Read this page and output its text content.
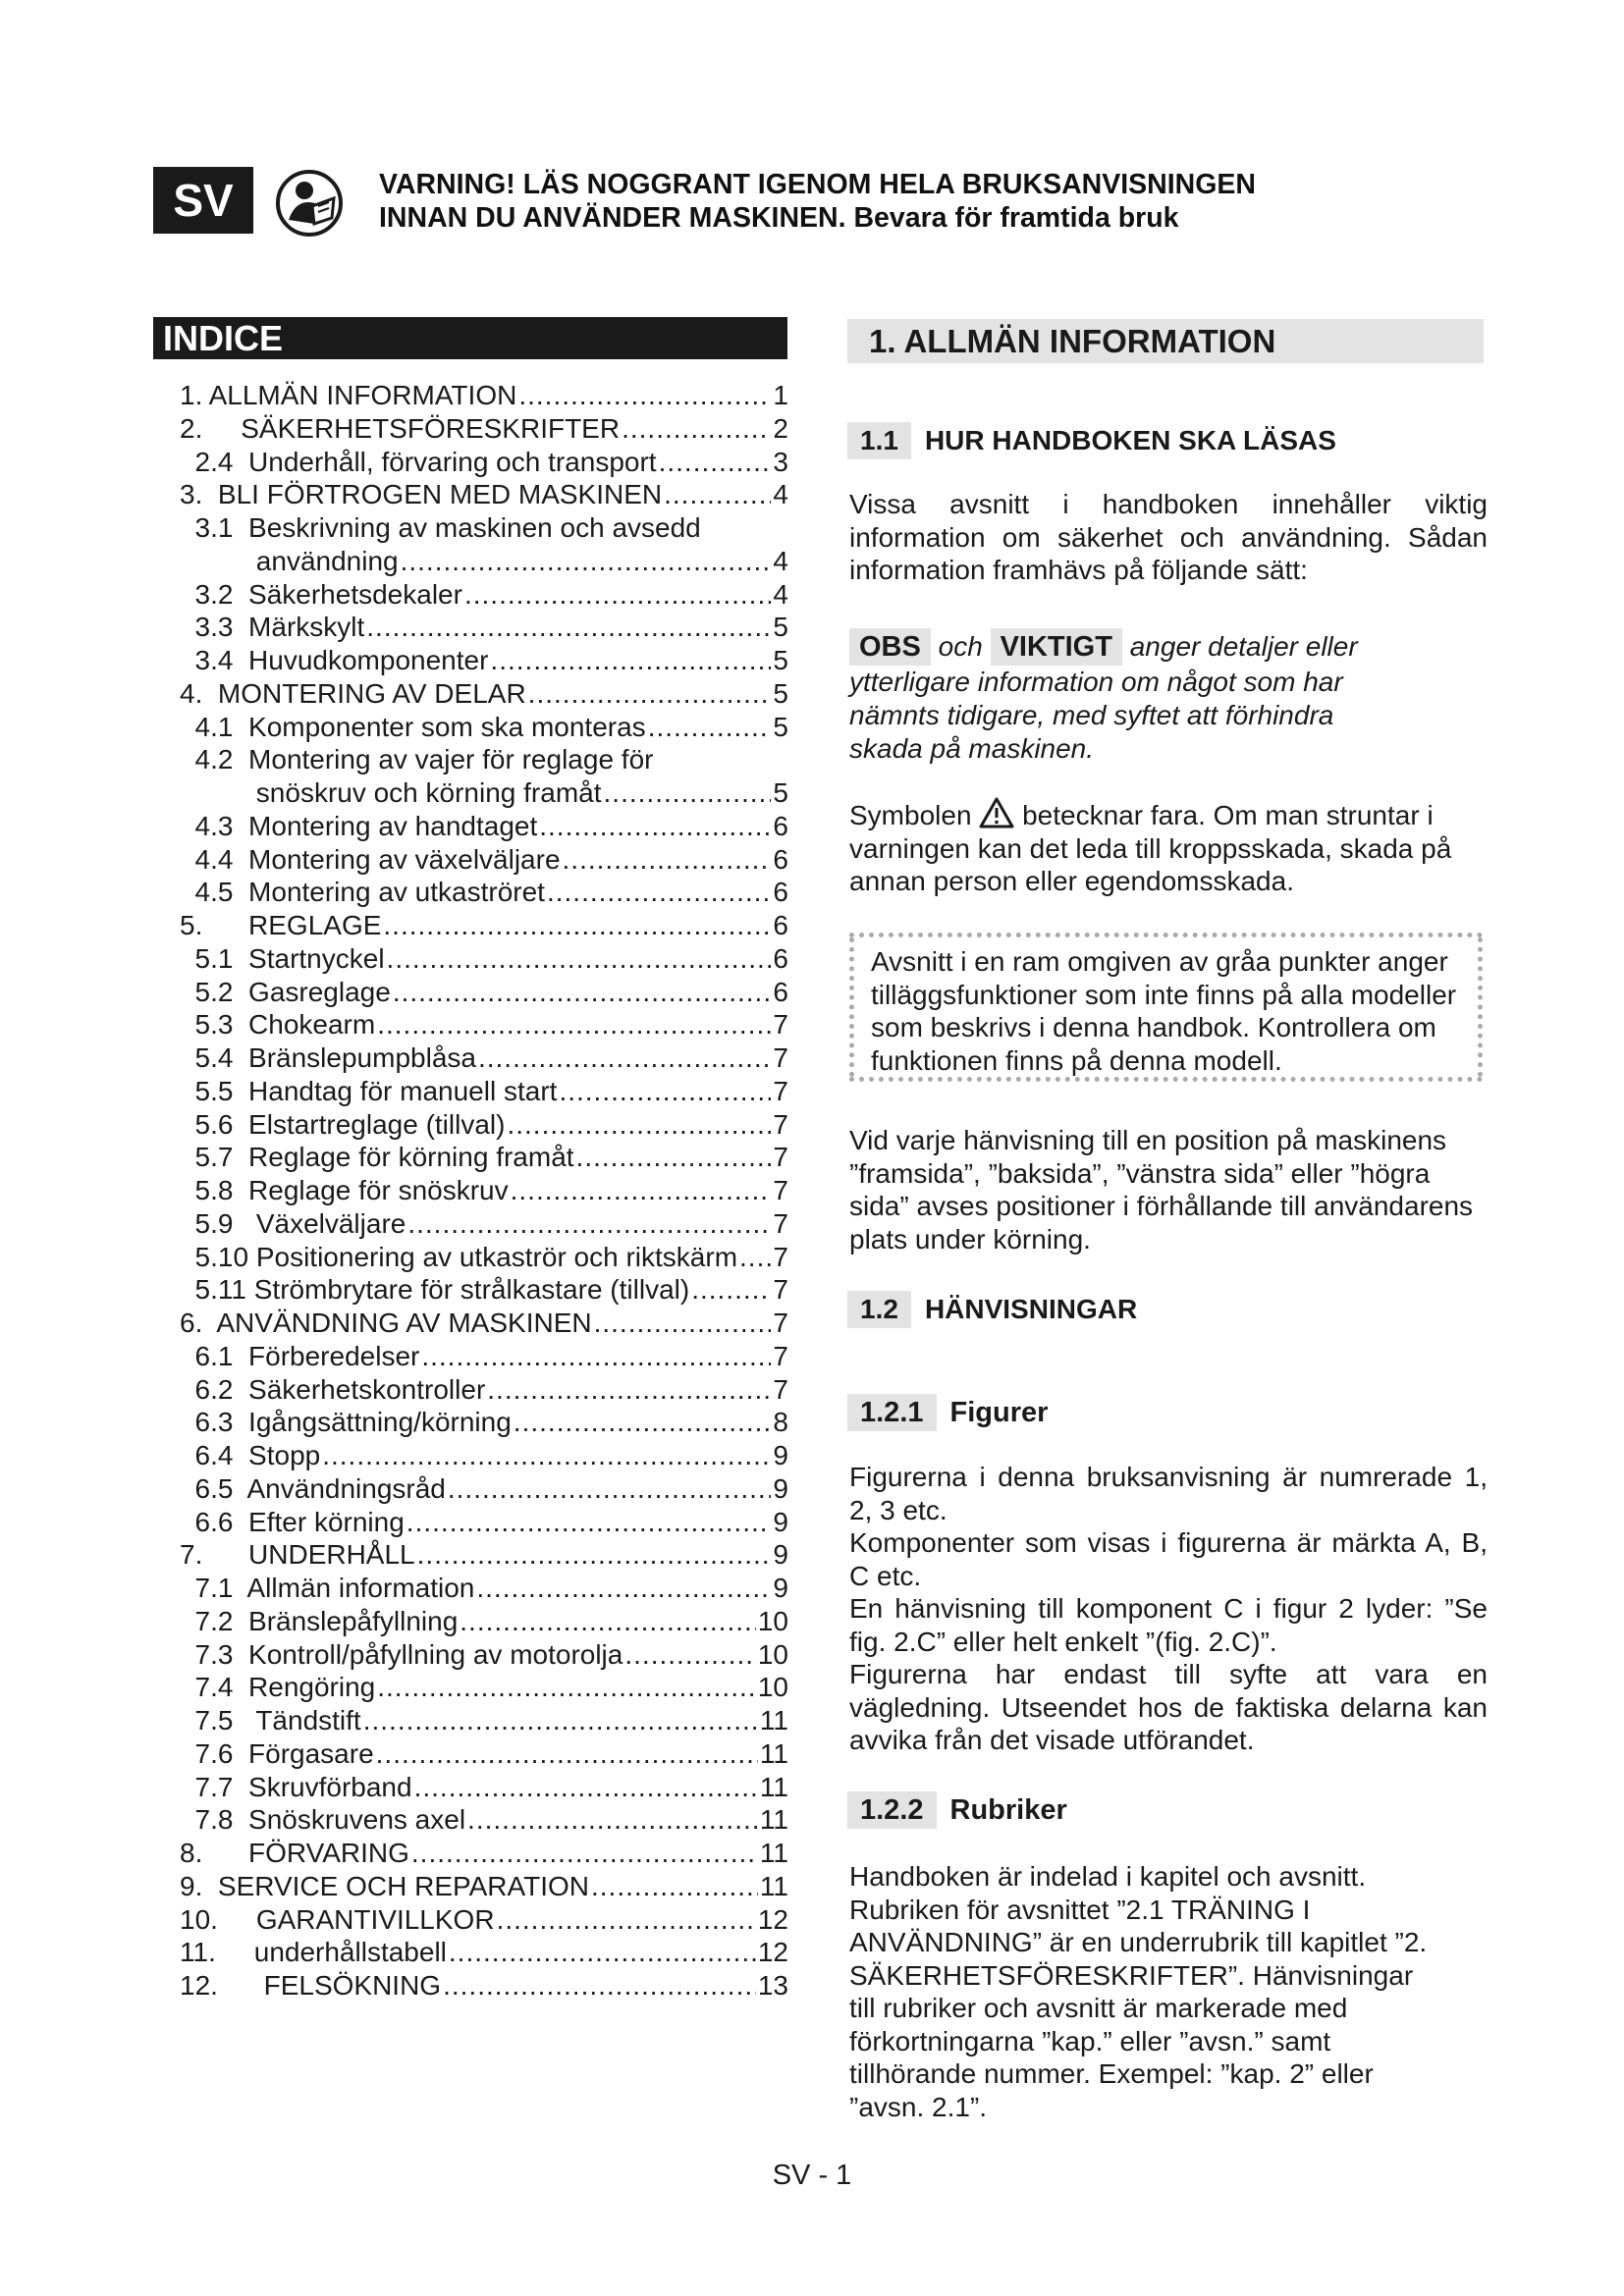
SV	VARNING! LÄS NOGGRANT IGENOM HELA BRUKSANVISNINGEN
INNAN DU ANVÄNDER MASKINEN. Bevara för framtida bruk
INDICE
1. ALLMÄN INFORMATION .....	1
2.     SÄKERHETSFÖRESKRIFTER .....	2
2.4  Underhåll, förvaring och transport .....	3
3.  BLI FÖRTROGEN MED MASKINEN .....	4
3.1  Beskrivning av maskinen och avsedd
användning .....	4
3.2  Säkerhetsdekaler .....	4
3.3  Märkskylt .....	5
3.4  Huvudkomponenter .....	5
4.  MONTERING AV DELAR .....	5
4.1  Komponenter som ska monteras .....	5
4.2  Montering av vajer för reglage för
snöskruv och körning framåt .....	5
4.3  Montering av handtaget .....	6
4.4  Montering av växelväljare .....	6
4.5  Montering av utkaströret .....	6
5.      REGLAGE .....	6
5.1  Startnyckel .....	6
5.2  Gasreglage .....	6
5.3  Chokearm .....	7
5.4  Bränslepumpblåsa .....	7
5.5  Handtag för manuell start .....	7
5.6  Elstartreglage (tillval) .....	7
5.7  Reglage för körning framåt .....	7
5.8  Reglage för snöskruv .....	7
5.9   Växelväljare .....	7
5.10 Positionering av utkaströr och riktskärm ..... 7
5.11 Strömbrytare för strålkastare (tillval) .....	7
6.  ANVÄNDNING AV MASKINEN .....	7
6.1  Förberedelser .....	7
6.2  Säkerhetskontroller .....	7
6.3  Igångsättning/körning .....	8
6.4  Stopp .....	9
6.5  Användningsråd .....	9
6.6  Efter körning .....	9
7.      UNDERHÅLL .....	9
7.1  Allmän information .....	9
7.2  Bränslepåfyllning .....	10
7.3  Kontroll/påfyllning av motorolja .....	10
7.4  Rengöring .....	10
7.5   Tändstift .....	11
7.6  Förgasare .....	11
7.7  Skruvförband .....	11
7.8  Snöskruvens axel .....	11
8.      FÖRVARING .....	11
9.  SERVICE OCH REPARATION .....	11
10.     GARANTIVILLKOR .....	12
11.     underhållstabell .....	12
12.      FELSÖKNING .....	13
1. ALLMÄN INFORMATION
1.1 HUR HANDBOKEN SKA LÄSAS
Vissa avsnitt i handboken innehåller viktig information om säkerhet och användning. Sådan information framhävs på följande sätt:
OBS och VIKTIGT anger detaljer eller ytterligare information om något som har nämnts tidigare, med syftet att förhindra skada på maskinen.
Symbolen betecknar fara. Om man struntar i varningen kan det leda till kroppsskada, skada på annan person eller egendomsskada.
Avsnitt i en ram omgiven av gråa punkter anger tilläggsfunktioner som inte finns på alla modeller som beskrivs i denna handbok. Kontrollera om funktionen finns på denna modell.
Vid varje hänvisning till en position på maskinens ”framsida”, ”baksida”, ”vänstra sida” eller ”högra sida” avses positioner i förhållande till användarens plats under körning.
1.2 HÄNVISNINGAR
1.2.1 Figurer

Figurerna i denna bruksanvisning är numrerade 1, 2, 3 etc.

Komponenter som visas i figurerna är märkta A, B, C etc.

En hänvisning till komponent C i figur 2 lyder: ”Se fig. 2.C” eller helt enkelt ”(fig. 2.C)”.

Figurerna har endast till syfte att vara en vägledning. Utseendet hos de faktiska delarna kan avvika från det visade utförandet.

1.2.2 Rubriker
Handboken är indelad i kapitel och avsnitt. Rubriken för avsnittet ”2.1 TRÄNING I ANVÄNDNING” är en underrubrik till kapitlet ”2. SÄKERHETSFÖRESKRIFTER”. Hänvisningar till rubriker och avsnitt är markerade med förkortningarna ”kap.” eller ”avsn.” samt tillhörande nummer. Exempel: ”kap. 2” eller ”avsn. 2.1”.
SV - 1
